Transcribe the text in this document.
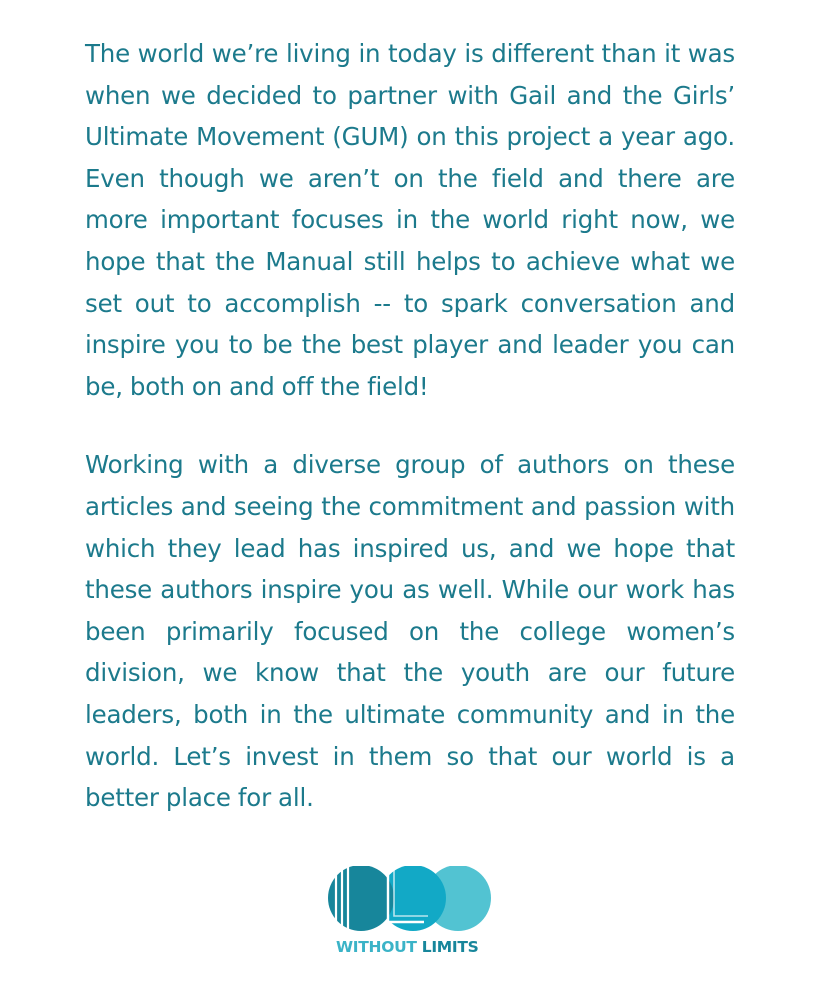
The world we’re living in today is different than it was when we decided to partner with Gail and the Girls’ Ultimate Movement (GUM) on this project a year ago. Even though we aren’t on the field and there are more important focuses in the world right now, we hope that the Manual still helps to achieve what we set out to accomplish -- to spark conversation and inspire you to be the best player and leader you can be, both on and off the field!

Working with a diverse group of authors on these articles and seeing the commitment and passion with which they lead has inspired us, and we hope that these authors inspire you as well. While our work has been primarily focused on the college women’s division, we know that the youth are our future leaders, both in the ultimate community and in the world. Let’s invest in them so that our world is a better place for all.

WITHOUT LIMITS
